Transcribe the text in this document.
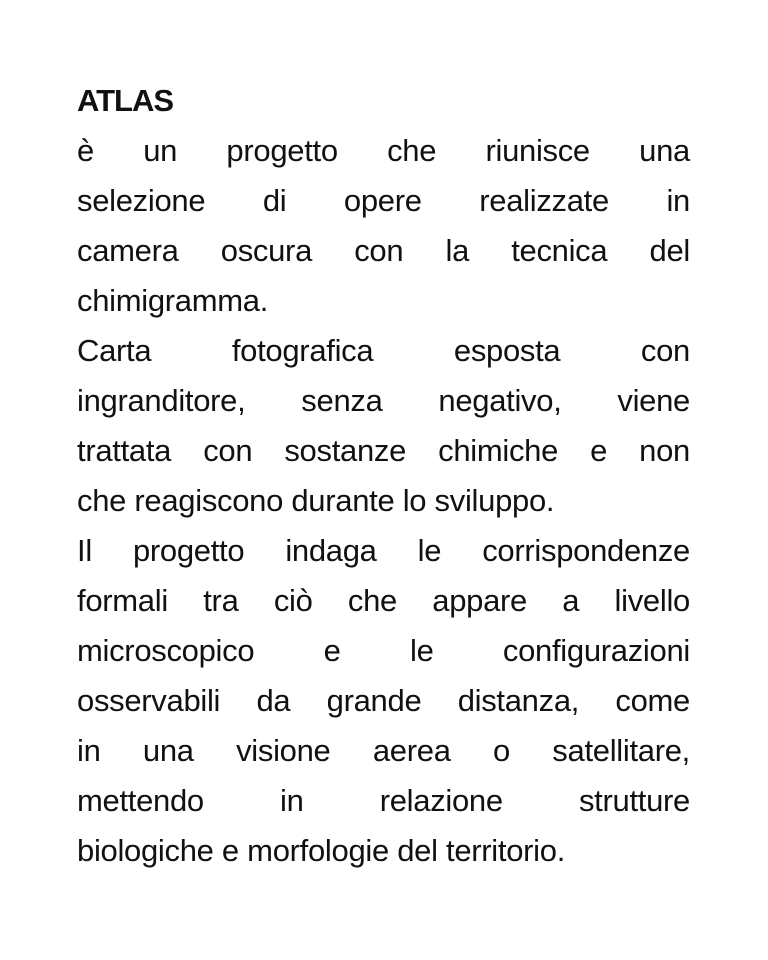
ATLAS
è un progetto che riunisce una
selezione di opere realizzate in
camera oscura con la tecnica del
chimigramma.
Carta fotografica esposta con
ingranditore, senza negativo, viene
trattata con sostanze chimiche e non
che reagiscono durante lo sviluppo.
Il progetto indaga le corrispondenze
formali tra ciò che appare a livello
microscopico e le configurazioni
osservabili da grande distanza, come
in una visione aerea o satellitare,
mettendo in relazione strutture
biologiche e morfologie del territorio.
